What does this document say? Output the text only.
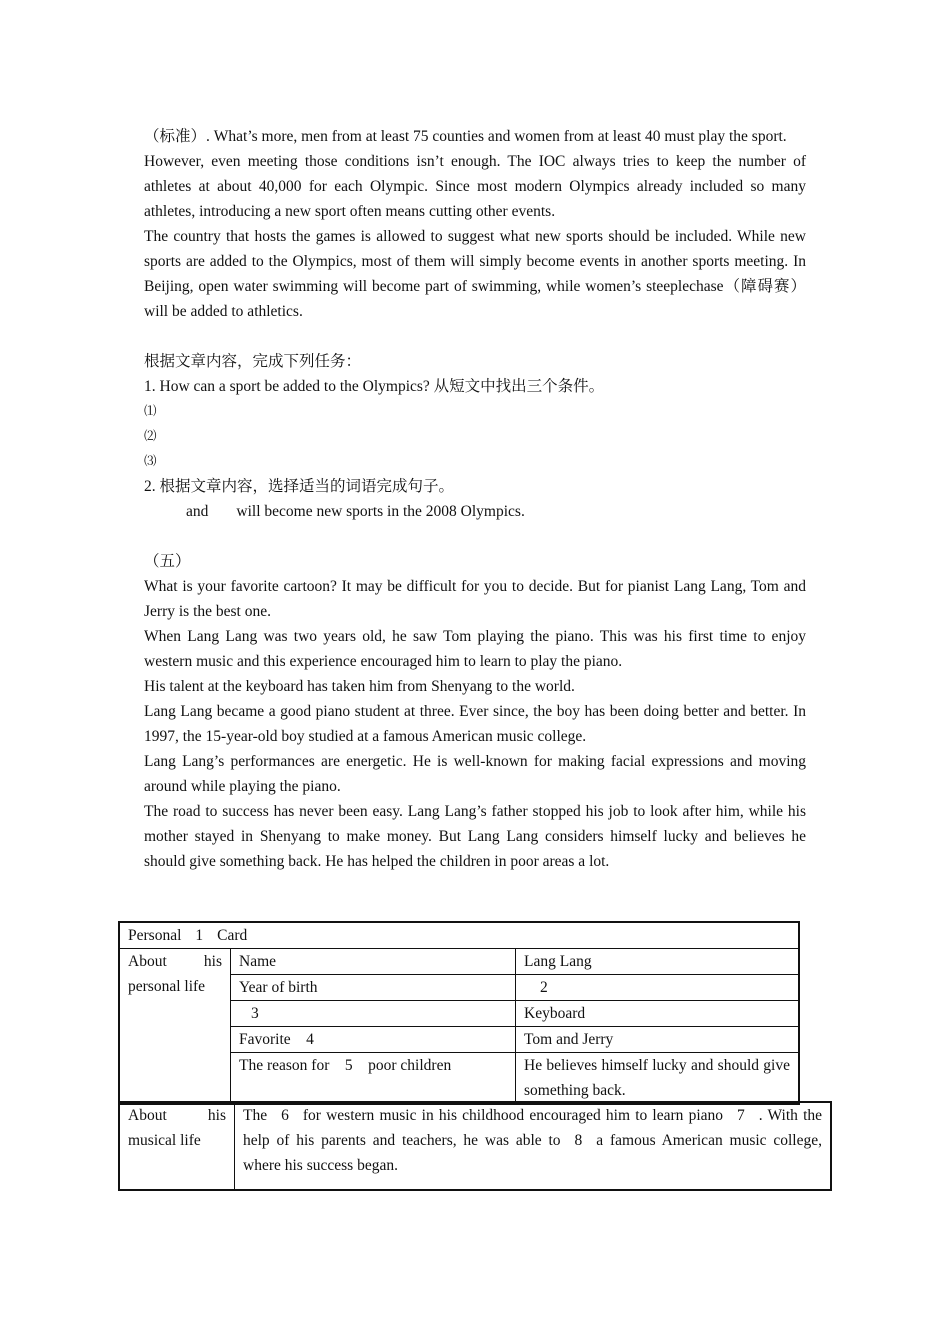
（标准）. What’s more, men from at least 75 counties and women from at least 40 must play the sport.

However, even meeting those conditions isn’t enough. The IOC always tries to keep the number of athletes at about 40,000 for each Olympic. Since most modern Olympics already included so many athletes, introducing a new sport often means cutting other events.

The country that hosts the games is allowed to suggest what new sports should be included. While new sports are added to the Olympics, most of them will simply become events in another sports meeting. In Beijing, open water swimming will become part of swimming, while women’s steeplechase（障碍赛）will be added to athletics.

根据文章内容，完成下列任务：

1. How can a sport be added to the Olympics? 从短文中找出三个条件。

⑴

⑵

⑶

2. 根据文章内容，选择适当的词语完成句子。

and will become new sports in the 2008 Olympics.

（五）

What is your favorite cartoon? It may be difficult for you to decide. But for pianist Lang Lang, Tom and Jerry is the best one.

When Lang Lang was two years old, he saw Tom playing the piano. This was his first time to enjoy western music and this experience encouraged him to learn to play the piano.

His talent at the keyboard has taken him from Shenyang to the world.

Lang Lang became a good piano student at three. Ever since, the boy has been doing better and better. In 1997, the 15-year-old boy studied at a famous American music college.

Lang Lang’s performances are energetic. He is well-known for making facial expressions and moving around while playing the piano.

The road to success has never been easy. Lang Lang’s father stopped his job to look after him, while his mother stayed in Shenyang to make money. But Lang Lang considers himself lucky and believes he should give something back. He has helped the children in poor areas a lot.

Personal 1 Card		
About his personal life	Name	Lang Lang
	Year of birth	2
	3	Keyboard
	Favorite　4	Tom and Jerry
	The reason for　5　poor children	He believes himself lucky and should give something back.
About his musical life	The 6 for western music in his childhood encouraged him to learn piano 7 . With the help of his parents and teachers, he was able to 8 a famous American music college, where his success began.
